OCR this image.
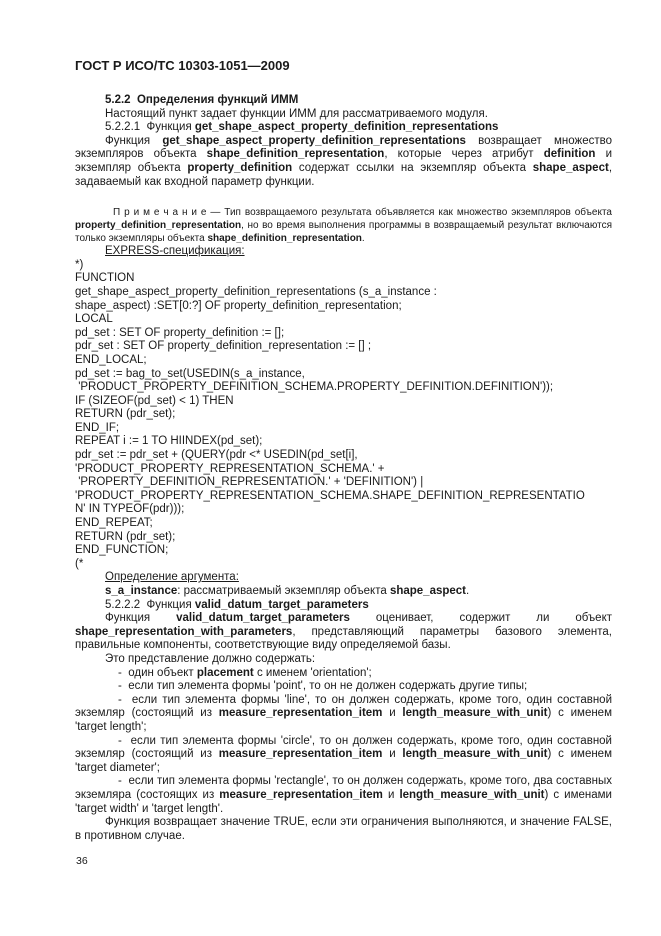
ГОСТ Р ИСО/ТС 10303-1051—2009

5.2.2  Определения функций ИММ

Настоящий пункт задает функции ИММ для рассматриваемого модуля.

5.2.2.1  Функция get_shape_aspect_property_definition_representations

Функция get_shape_aspect_property_definition_representations возвращает множество экземпляров объекта shape_definition_representation, которые через атрибут definition и экземпляр объекта property_definition содержат ссылки на экземпляр объекта shape_aspect, задаваемый как входной параметр функции.

П р и м е ч а н и е — Тип возвращаемого результата объявляется как множество экземпляров объекта property_definition_representation, но во время выполнения программы в возвращаемый результат включаются только экземпляры объекта shape_definition_representation.

EXPRESS-спецификация:

*)
FUNCTION
get_shape_aspect_property_definition_representations (s_a_instance :
shape_aspect) :SET[0:?] OF property_definition_representation;
LOCAL
pd_set : SET OF property_definition := [];
pdr_set : SET OF property_definition_representation := [] ;
END_LOCAL;
pd_set := bag_to_set(USEDIN(s_a_instance,
'PRODUCT_PROPERTY_DEFINITION_SCHEMA.PROPERTY_DEFINITION.DEFINITION'));
IF (SIZEOF(pd_set) < 1) THEN
RETURN (pdr_set);
END_IF;
REPEAT i := 1 TO HIINDEX(pd_set);
pdr_set := pdr_set + (QUERY(pdr <* USEDIN(pd_set[i],
'PRODUCT_PROPERTY_REPRESENTATION_SCHEMA.' +
'PROPERTY_DEFINITION_REPRESENTATION.' + 'DEFINITION') |
'PRODUCT_PROPERTY_REPRESENTATION_SCHEMA.SHAPE_DEFINITION_REPRESENTATIO
N' IN TYPEOF(pdr)));
END_REPEAT;
RETURN (pdr_set);
END_FUNCTION;
(*

Определение аргумента:

s_a_instance: рассматриваемый экземпляр объекта shape_aspect.

5.2.2.2  Функция valid_datum_target_parameters

Функция valid_datum_target_parameters оценивает, содержит ли объект shape_representation_with_parameters, представляющий параметры базового элемента, правильные компоненты, соответствующие виду определяемой базы.

Это представление должно содержать:

-  один объект placement с именем 'orientation';

-  если тип элемента формы 'point', то он не должен содержать другие типы;

-  если тип элемента формы 'line', то он должен содержать, кроме того, один составной экземляр (состоящий из measure_representation_item и length_measure_with_unit) с именем 'target length';

-  если тип элемента формы 'circle', то он должен содержать, кроме того, один составной экземляр (состоящий из measure_representation_item и length_measure_with_unit) с именем 'target diameter';

-  если тип элемента формы 'rectangle', то он должен содержать, кроме того, два составных экземляра (состоящих из measure_representation_item и length_measure_with_unit) с именами 'target width' и 'target length'.

Функция возвращает значение TRUE, если эти ограничения выполняются, и значение FALSE, в противном случае.

36
